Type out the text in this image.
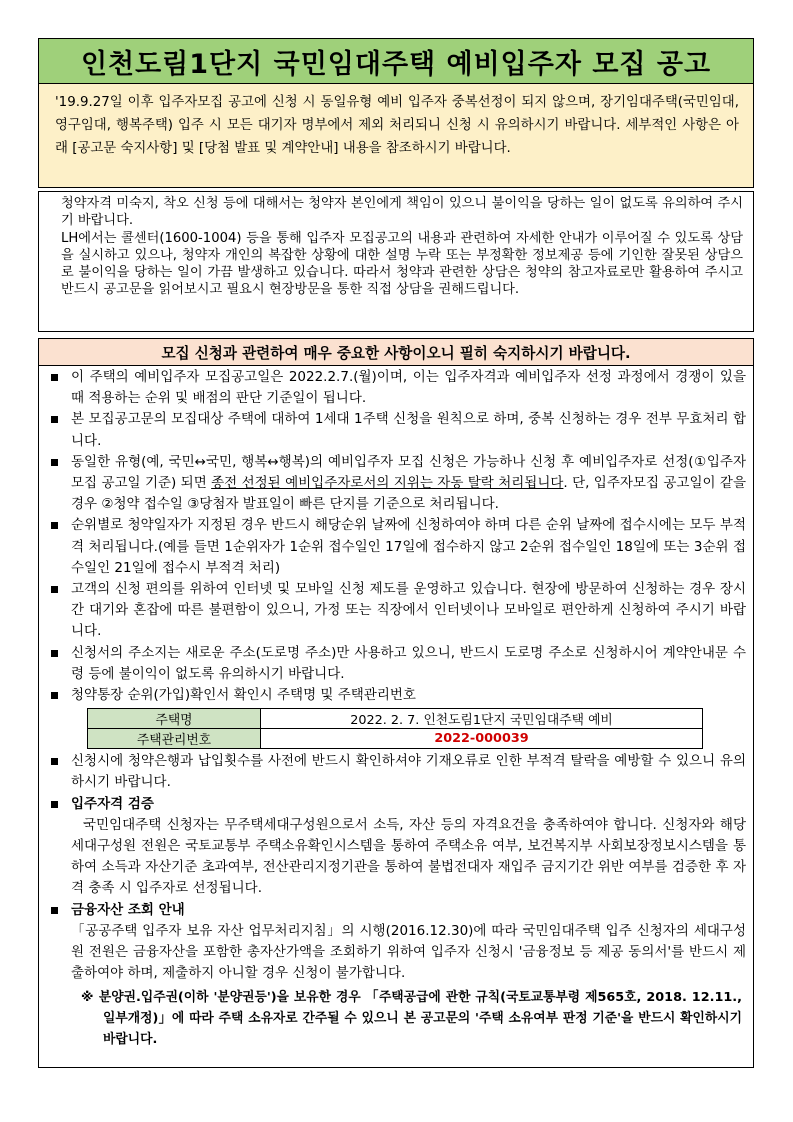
인천도림1단지 국민임대주택 예비입주자 모집 공고

'19.9.27일 이후 입주자모집 공고에 신청 시 동일유형 예비 입주자 중복선정이 되지 않으며, 장기임대주택(국민임대, 영구임대, 행복주택) 입주 시 모든 대기자 명부에서 제외 처리되니 신청 시 유의하시기 바랍니다. 세부적인 사항은 아래 [공고문 숙지사항] 및 [당첨 발표 및 계약안내] 내용을 참조하시기 바랍니다.

청약자격 미숙지, 착오 신청 등에 대해서는 청약자 본인에게 책임이 있으니 불이익을 당하는 일이 없도록 유의하여 주시기 바랍니다.

LH에서는 콜센터(1600-1004) 등을 통해 입주자 모집공고의 내용과 관련하여 자세한 안내가 이루어질 수 있도록 상담을 실시하고 있으나, 청약자 개인의 복잡한 상황에 대한 설명 누락 또는 부정확한 정보제공 등에 기인한 잘못된 상담으로 불이익을 당하는 일이 가끔 발생하고 있습니다. 따라서 청약과 관련한 상담은 청약의 참고자료로만 활용하여 주시고 반드시 공고문을 읽어보시고 필요시 현장방문을 통한 직접 상담을 권해드립니다.

모집 신청과 관련하여 매우 중요한 사항이오니 필히 숙지하시기 바랍니다.
이 주택의 예비입주자 모집공고일은 2022.2.7.(월)이며, 이는 입주자격과 예비입주자 선정 과정에서 경쟁이 있을 때 적용하는 순위 및 배점의 판단 기준일이 됩니다.
본 모집공고문의 모집대상 주택에 대하여 1세대 1주택 신청을 원칙으로 하며, 중복 신청하는 경우 전부 무효처리 합니다.
동일한 유형(예, 국민↔국민, 행복↔행복)의 예비입주자 모집 신청은 가능하나 신청 후 예비입주자로 선정(①입주자모집 공고일 기준) 되면 종전 선정된 예비입주자로서의 지위는 자동 탈락 처리됩니다. 단, 입주자모집 공고일이 같을 경우 ②청약 접수일 ③당첨자 발표일이 빠른 단지를 기준으로 처리됩니다.
순위별로 청약일자가 지정된 경우 반드시 해당순위 날짜에 신청하여야 하며 다른 순위 날짜에 접수시에는 모두 부적격 처리됩니다.(예를 들면 1순위자가 1순위 접수일인 17일에 접수하지 않고 2순위 접수일인 18일에 또는 3순위 접수일인 21일에 접수시 부적격 처리)
고객의 신청 편의를 위하여 인터넷 및 모바일 신청 제도를 운영하고 있습니다. 현장에 방문하여 신청하는 경우 장시간 대기와 혼잡에 따른 불편함이 있으니, 가정 또는 직장에서 인터넷이나 모바일로 편안하게 신청하여 주시기 바랍니다.
신청서의 주소지는 새로운 주소(도로명 주소)만 사용하고 있으니, 반드시 도로명 주소로 신청하시어 계약안내문 수령 등에 불이익이 없도록 유의하시기 바랍니다.
청약통장 순위(가입)확인서 확인시 주택명 및 주택관리번호
주택명	2022. 2. 7. 인천도림1단지 국민임대주택 예비
주택관리번호	2022-000039
신청시에 청약은행과 납입횟수를 사전에 반드시 확인하셔야 기재오류로 인한 부적격 탈락을 예방할 수 있으니 유의하시기 바랍니다.
입주자격 검증
국민임대주택 신청자는 무주택세대구성원으로서 소득, 자산 등의 자격요건을 충족하여야 합니다. 신청자와 해당 세대구성원 전원은 국토교통부 주택소유확인시스템을 통하여 주택소유 여부, 보건복지부 사회보장정보시스템을 통하여 소득과 자산기준 초과여부, 전산관리지정기관을 통하여 불법전대자 재입주 금지기간 위반 여부를 검증한 후 자격 충족 시 입주자로 선정됩니다.
금융자산 조회 안내
「공공주택 입주자 보유 자산 업무처리지침」의 시행(2016.12.30)에 따라 국민임대주택 입주 신청자의 세대구성원 전원은 금융자산을 포함한 총자산가액을 조회하기 위하여 입주자 신청시 '금융정보 등 제공 동의서'를 반드시 제출하여야 하며, 제출하지 아니할 경우 신청이 불가합니다.
※ 분양권.입주권(이하 '분양권등')을 보유한 경우 「주택공급에 관한 규칙(국토교통부령 제565호, 2018. 12.11., 일부개정)」에 따라 주택 소유자로 간주될 수 있으니 본 공고문의 '주택 소유여부 판정 기준'을 반드시 확인하시기 바랍니다.
